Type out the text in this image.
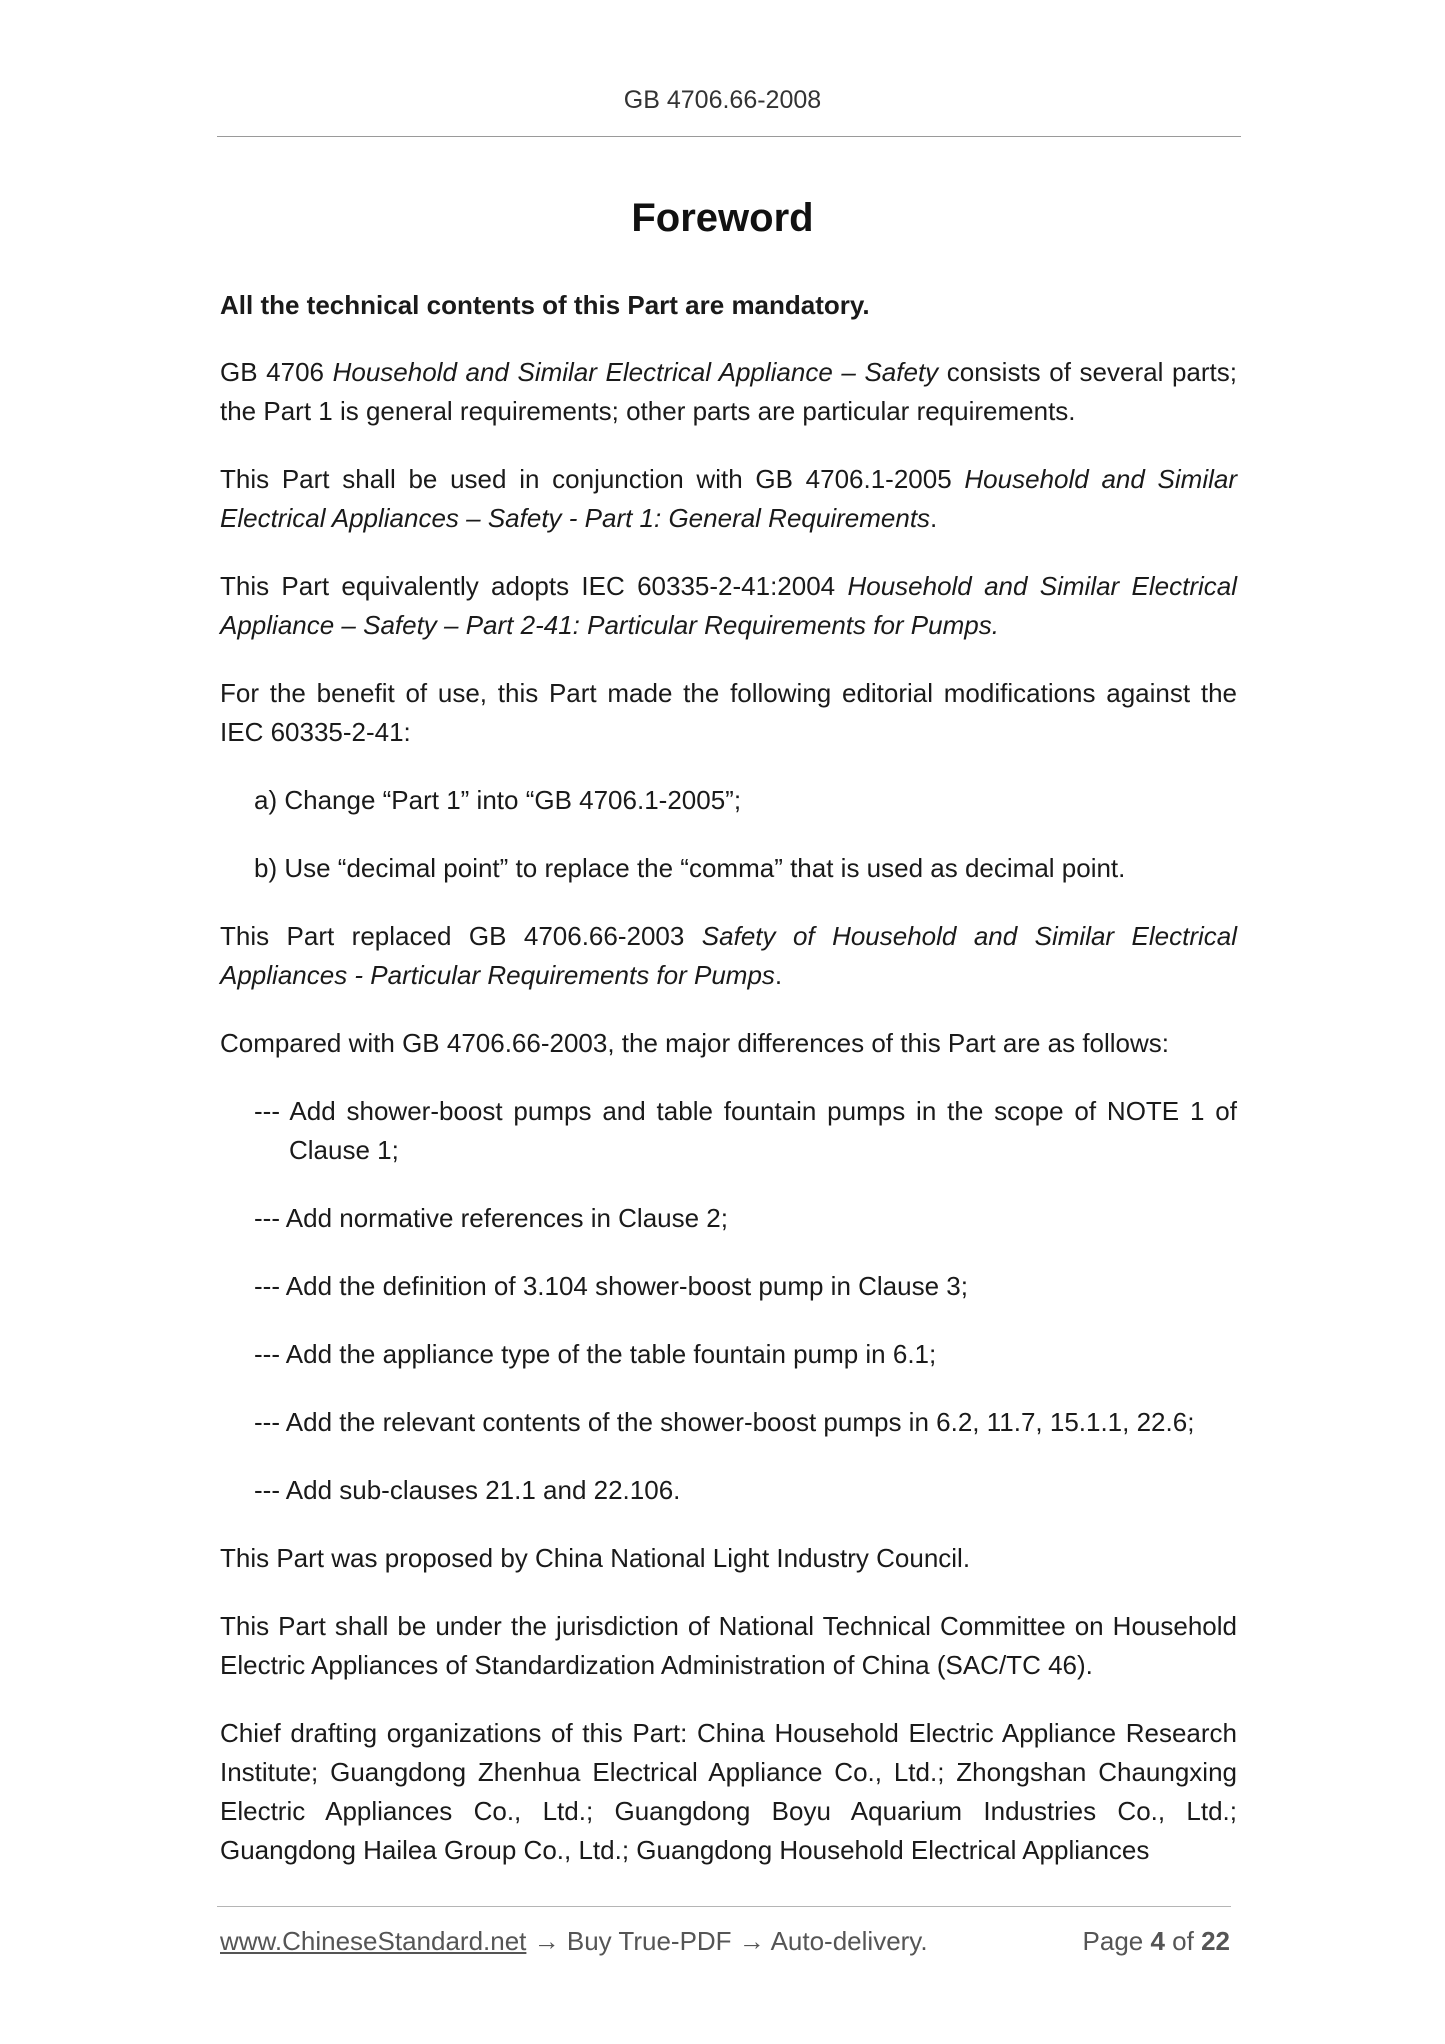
GB 4706.66-2008
Foreword

All the technical contents of this Part are mandatory.

GB 4706 Household and Similar Electrical Appliance – Safety consists of several parts; the Part 1 is general requirements; other parts are particular requirements.

This Part shall be used in conjunction with GB 4706.1-2005 Household and Similar Electrical Appliances – Safety - Part 1: General Requirements.

This Part equivalently adopts IEC 60335-2-41:2004 Household and Similar Electrical Appliance – Safety – Part 2-41: Particular Requirements for Pumps.

For the benefit of use, this Part made the following editorial modifications against the IEC 60335-2-41:

a) Change “Part 1” into “GB 4706.1-2005”;

b) Use “decimal point” to replace the “comma” that is used as decimal point.

This Part replaced GB 4706.66-2003 Safety of Household and Similar Electrical Appliances - Particular Requirements for Pumps.

Compared with GB 4706.66-2003, the major differences of this Part are as follows:

--- Add shower-boost pumps and table fountain pumps in the scope of NOTE 1 of Clause 1;

--- Add normative references in Clause 2;

--- Add the definition of 3.104 shower-boost pump in Clause 3;

--- Add the appliance type of the table fountain pump in 6.1;

--- Add the relevant contents of the shower-boost pumps in 6.2, 11.7, 15.1.1, 22.6;

--- Add sub-clauses 21.1 and 22.106.

This Part was proposed by China National Light Industry Council.

This Part shall be under the jurisdiction of National Technical Committee on Household Electric Appliances of Standardization Administration of China (SAC/TC 46).

Chief drafting organizations of this Part: China Household Electric Appliance Research Institute; Guangdong Zhenhua Electrical Appliance Co., Ltd.; Zhongshan Chaungxing Electric Appliances Co., Ltd.; Guangdong Boyu Aquarium Industries Co., Ltd.; Guangdong Hailea Group Co., Ltd.; Guangdong Household Electrical Appliances

www.ChineseStandard.net → Buy True-PDF → Auto-delivery.	Page 4 of 22
